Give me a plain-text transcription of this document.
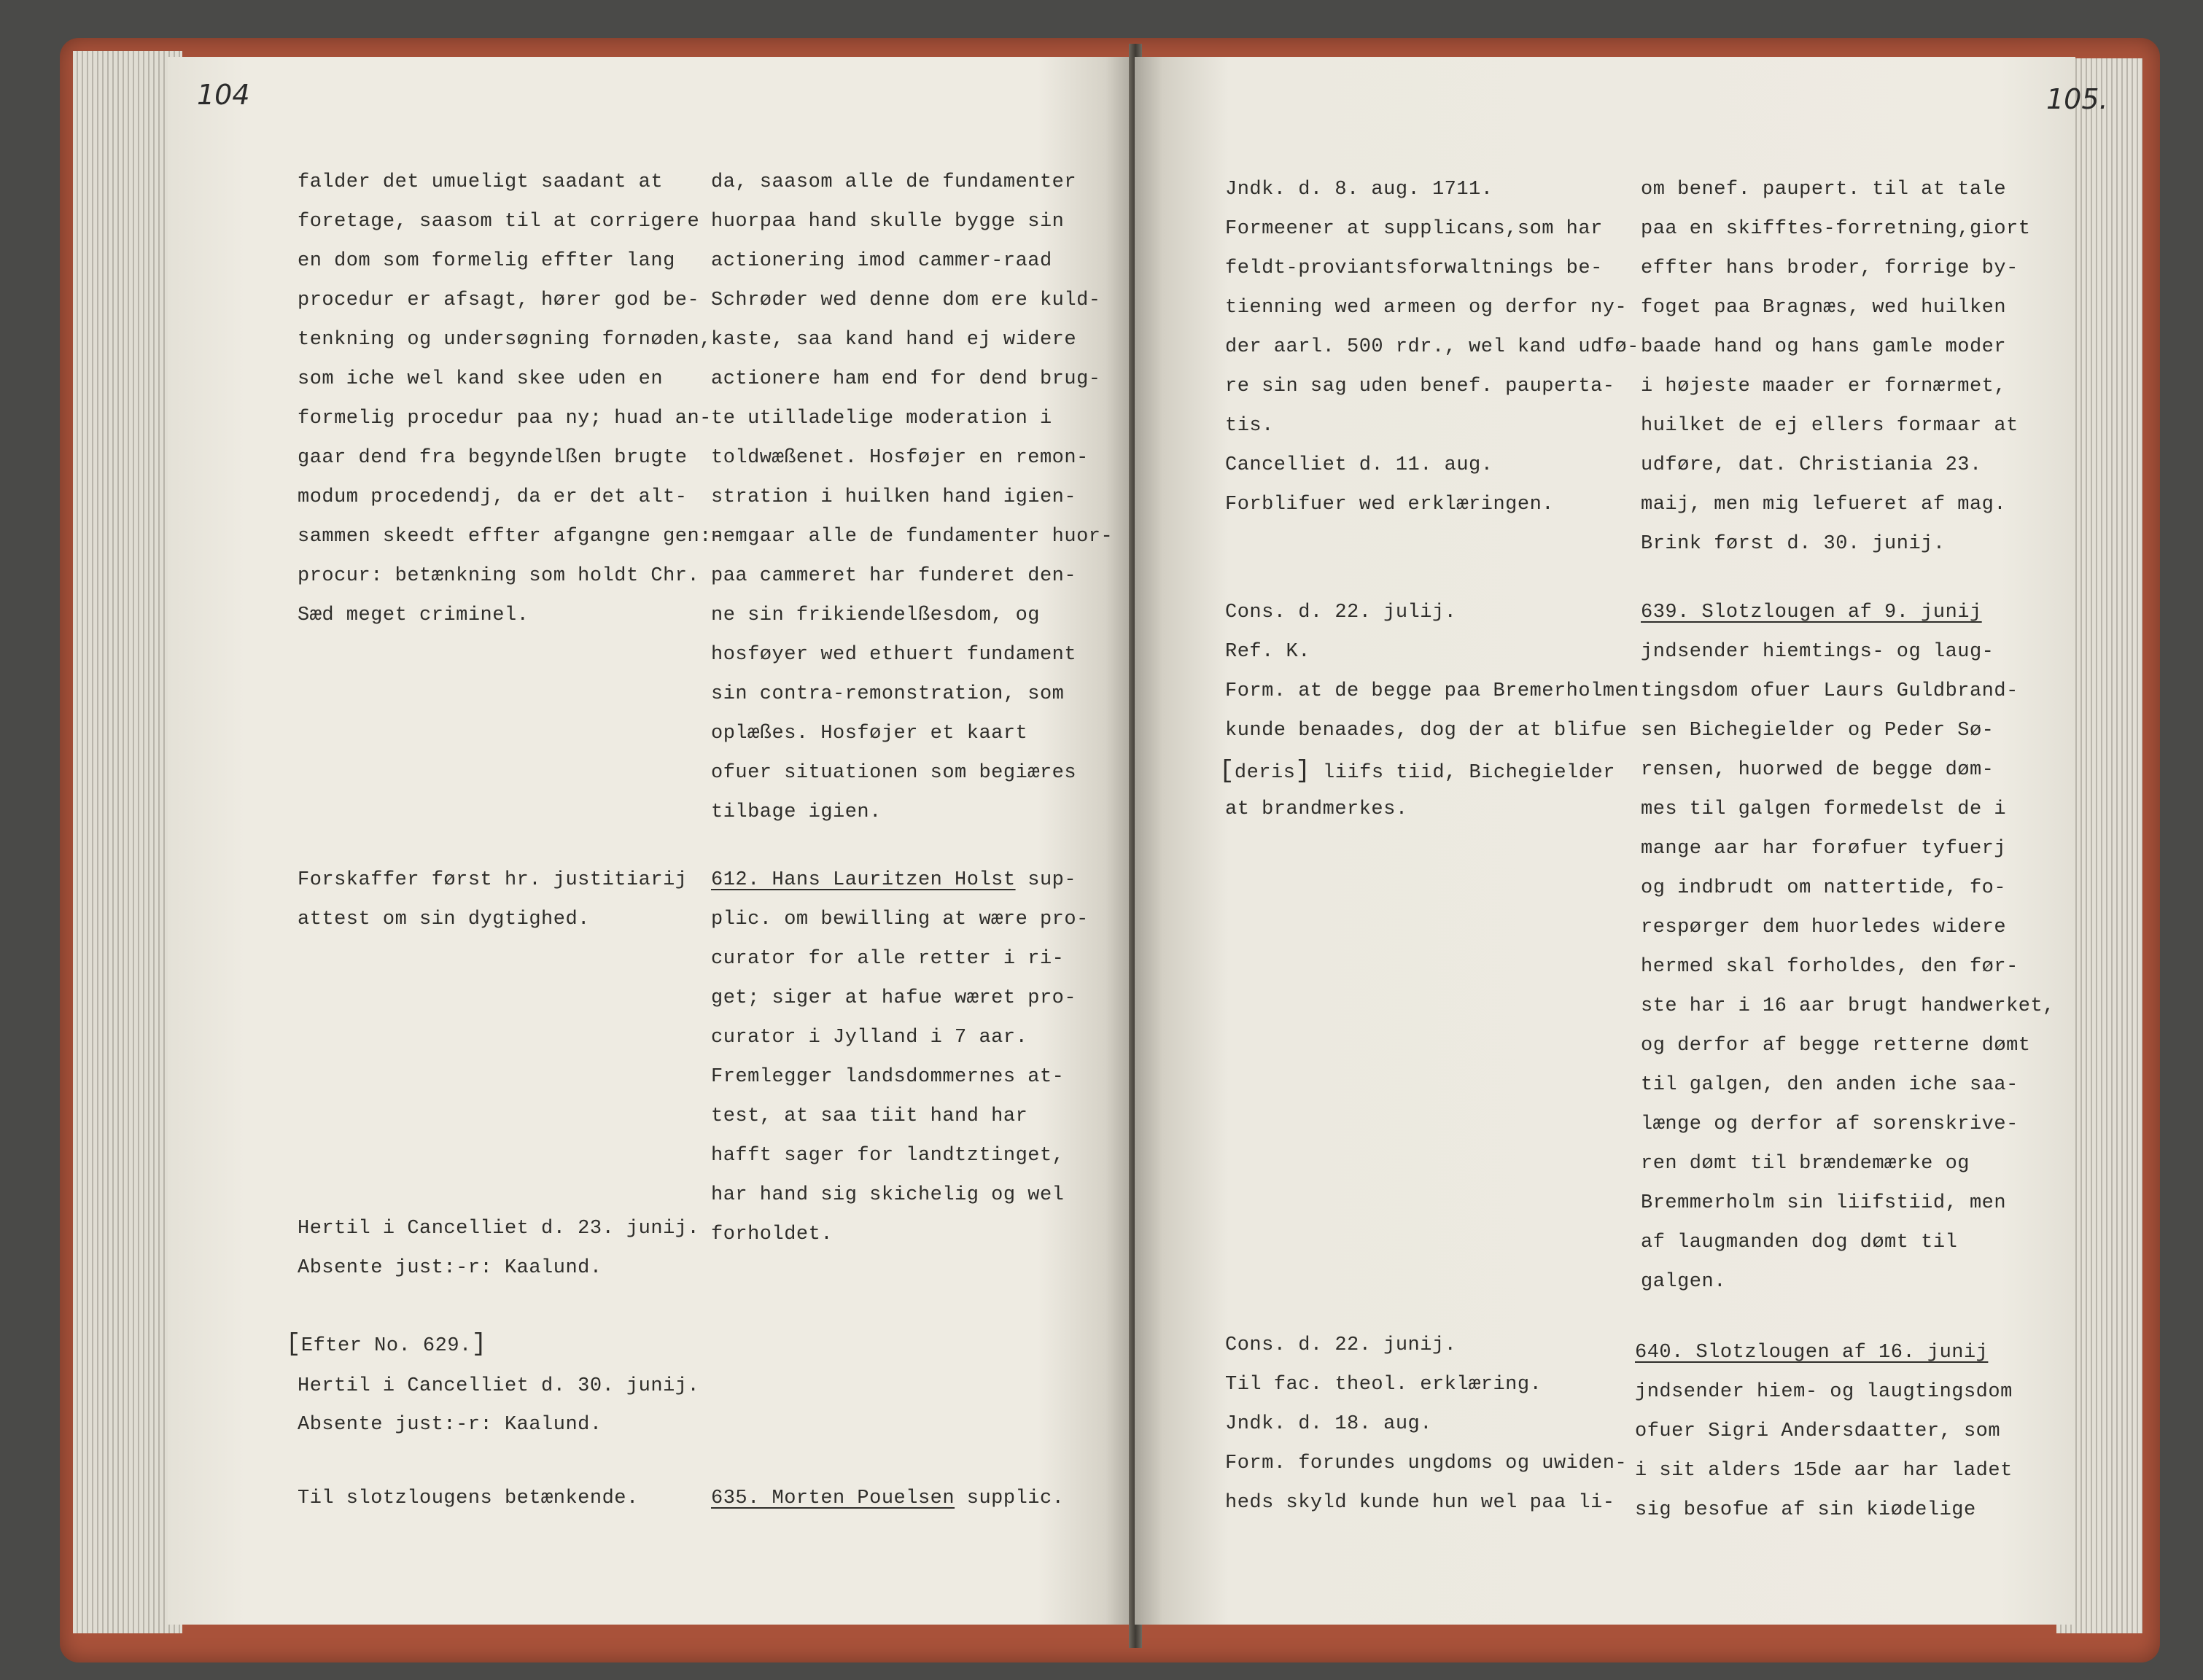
104
falder det umueligt saadant at
foretage, saasom til at corrigere
en dom som formelig effter lang
procedur er afsagt, hører god be-
tenkning og undersøgning fornøden,
som iche wel kand skee uden en
formelig procedur paa ny; huad an-
gaar dend fra begyndelßen brugte
modum procedendj, da er det alt-
sammen skeedt effter afgangne gen:-
procur: betænkning som holdt Chr.
Sæd meget criminel.
Forskaffer først hr. justitiarij
attest om sin dygtighed.
Hertil i Cancelliet d. 23. junij.
Absente just:-r: Kaalund.
[Efter No. 629.]
Hertil i Cancelliet d. 30. junij.
Absente just:-r: Kaalund.
Til slotzlougens betænkende.
da, saasom alle de fundamenter
huorpaa hand skulle bygge sin
actionering imod cammer-raad
Schrøder wed denne dom ere kuld-
kaste, saa kand hand ej widere
actionere ham end for dend brug-
te utilladelige moderation i
toldwæßenet. Hosføjer en remon-
stration i huilken hand igien-
nemgaar alle de fundamenter huor-
paa cammeret har funderet den-
ne sin frikiendelßesdom, og
hosføyer wed ethuert fundament
sin contra-remonstration, som
oplæßes. Hosføjer et kaart
ofuer situationen som begiæres
tilbage igien.
612. Hans Lauritzen Holst sup-
plic. om bewilling at wære pro-
curator for alle retter i ri-
get; siger at hafue wæret pro-
curator i Jylland i 7 aar.
Fremlegger landsdommernes at-
test, at saa tiit hand har
hafft sager for landtztinget,
har hand sig skichelig og wel
forholdet.
635. Morten Pouelsen supplic.
105.
Jndk. d. 8. aug. 1711.
Formeener at supplicans,som har
feldt-proviantsforwaltnings be-
tienning wed armeen og derfor ny-
der aarl. 500 rdr., wel kand udfø-
re sin sag uden benef. pauperta-
tis.
Cancelliet d. 11. aug.
Forblifuer wed erklæringen.
Cons. d. 22. julij.
Ref. K.
Form. at de begge paa Bremerholmen
kunde benaades, dog der at blifue
[deris] liifs tiid, Bichegielder
at brandmerkes.
Cons. d. 22. junij.
Til fac. theol. erklæring.
Jndk. d. 18. aug.
Form. forundes ungdoms og uwiden-
heds skyld kunde hun wel paa li-
om benef. paupert. til at tale
paa en skifftes-forretning,giort
effter hans broder, forrige by-
foget paa Bragnæs, wed huilken
baade hand og hans gamle moder
i højeste maader er fornærmet,
huilket de ej ellers formaar at
udføre, dat. Christiania 23.
maij, men mig lefueret af mag.
Brink først d. 30. junij.
639. Slotzlougen af 9. junij
jndsender hiemtings- og laug-
tingsdom ofuer Laurs Guldbrand-
sen Bichegielder og Peder Sø-
rensen, huorwed de begge døm-
mes til galgen formedelst de i
mange aar har forøfuer tyfuerj
og indbrudt om nattertide, fo-
respørger dem huorledes widere
hermed skal forholdes, den før-
ste har i 16 aar brugt handwerket,
og derfor af begge retterne dømt
til galgen, den anden iche saa-
længe og derfor af sorenskrive-
ren dømt til brændemærke og
Bremmerholm sin liifstiid, men
af laugmanden dog dømt til
galgen.
640. Slotzlougen af 16. junij
jndsender hiem- og laugtingsdom
ofuer Sigri Andersdaatter, som
i sit alders 15de aar har ladet
sig besofue af sin kiødelige
